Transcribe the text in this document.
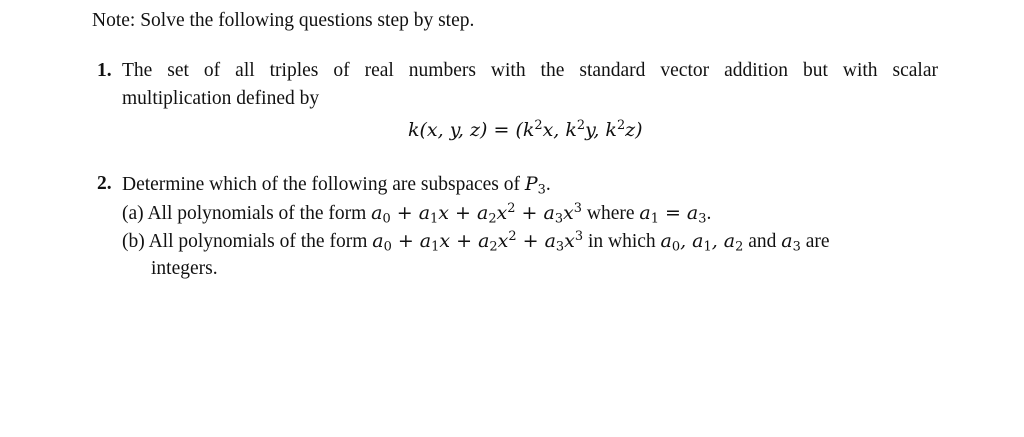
Note: Solve the following questions step by step.
1. The set of all triples of real numbers with the standard vector addition but with scalar
multiplication defined by
k(x, y, $z) = (k^2x$, $k^2y$, $k^2z$)
2. Determine which of the following are subspaces of $P_3$.
(a) All polynomials of the form $a_0 + a_1x + a_2x^2 + a_3x^3$ where $a_1 = a_3$.
(b) All polynomials of the form $a_0 + a_1x + a_2x^2 + a_3x^3$ in which $a_0$, $a_1$, $a_2$ and $a_3$ are
integers.
